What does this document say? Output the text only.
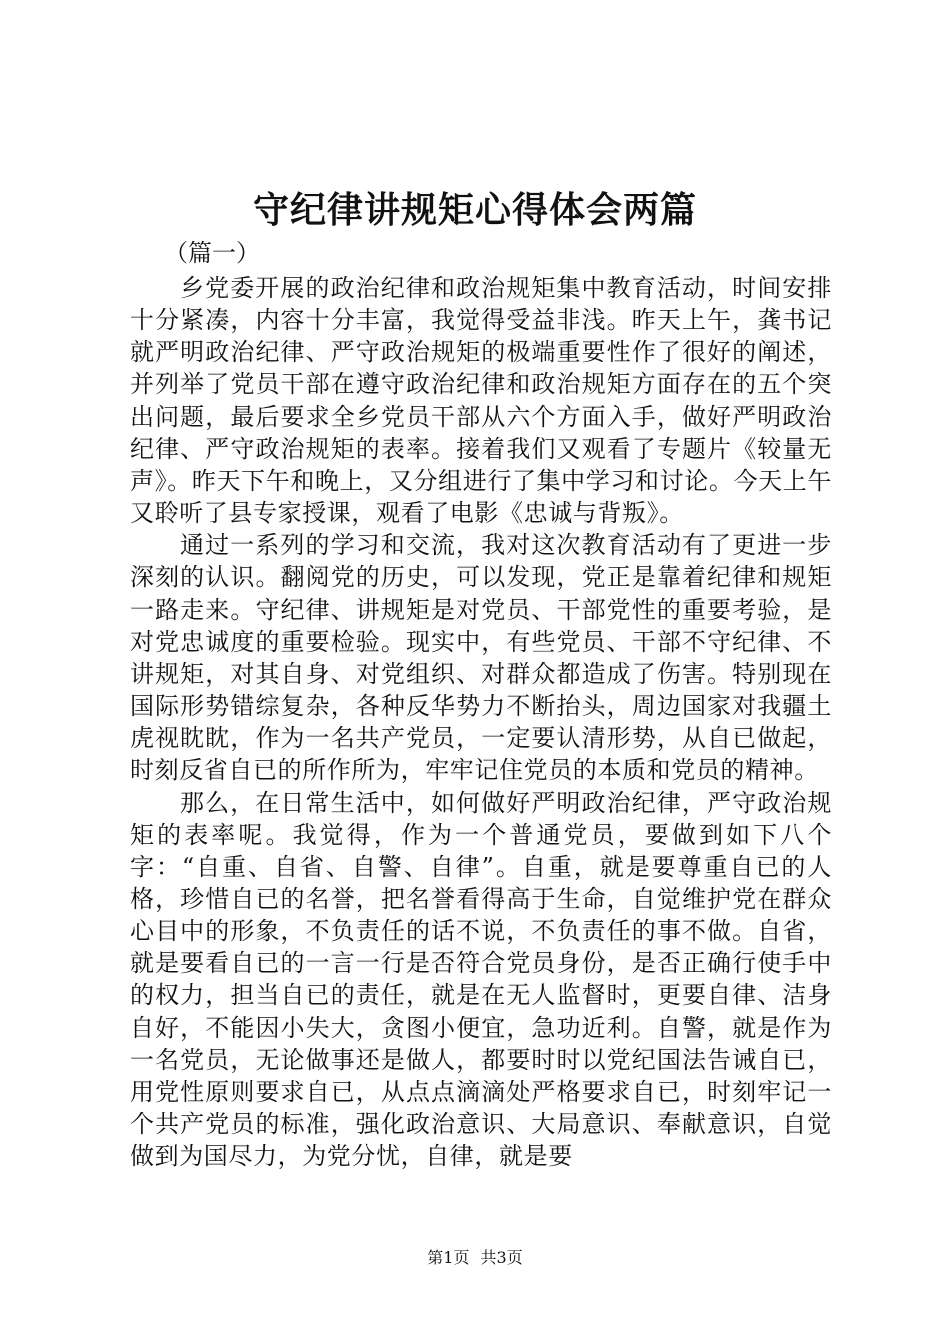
守纪律讲规矩心得体会两篇
（篇一）

乡党委开展的政治纪律和政治规矩集中教育活动，时间安排十分紧凑，内容十分丰富，我觉得受益非浅。昨天上午，龚书记就严明政治纪律、严守政治规矩的极端重要性作了很好的阐述，并列举了党员干部在遵守政治纪律和政治规矩方面存在的五个突出问题，最后要求全乡党员干部从六个方面入手，做好严明政治纪律、严守政治规矩的表率。接着我们又观看了专题片《较量无声》。昨天下午和晚上，又分组进行了集中学习和讨论。今天上午又聆听了县专家授课，观看了电影《忠诚与背叛》。

通过一系列的学习和交流，我对这次教育活动有了更进一步深刻的认识。翻阅党的历史，可以发现，党正是靠着纪律和规矩一路走来。守纪律、讲规矩是对党员、干部党性的重要考验，是对党忠诚度的重要检验。现实中，有些党员、干部不守纪律、不讲规矩，对其自身、对党组织、对群众都造成了伤害。特别现在国际形势错综复杂，各种反华势力不断抬头，周边国家对我疆土虎视眈眈，作为一名共产党员，一定要认清形势，从自已做起，时刻反省自已的所作所为，牢牢记住党员的本质和党员的精神。

那么，在日常生活中，如何做好严明政治纪律，严守政治规矩的表率呢。我觉得，作为一个普通党员，要做到如下八个字：“自重、自省、自警、自律”。自重，就是要尊重自已的人格，珍惜自已的名誉，把名誉看得高于生命，自觉维护党在群众心目中的形象，不负责任的话不说，不负责任的事不做。自省，就是要看自已的一言一行是否符合党员身份，是否正确行使手中的权力，担当自已的责任，就是在无人监督时，更要自律、洁身自好，不能因小失大，贪图小便宜，急功近利。自警，就是作为一名党员，无论做事还是做人，都要时时以党纪国法告诫自已，用党性原则要求自已，从点点滴滴处严格要求自已，时刻牢记一个共产党员的标准，强化政治意识、大局意识、奉献意识，自觉做到为国尽力，为党分忧，自律，就是要

第1页 共3页
